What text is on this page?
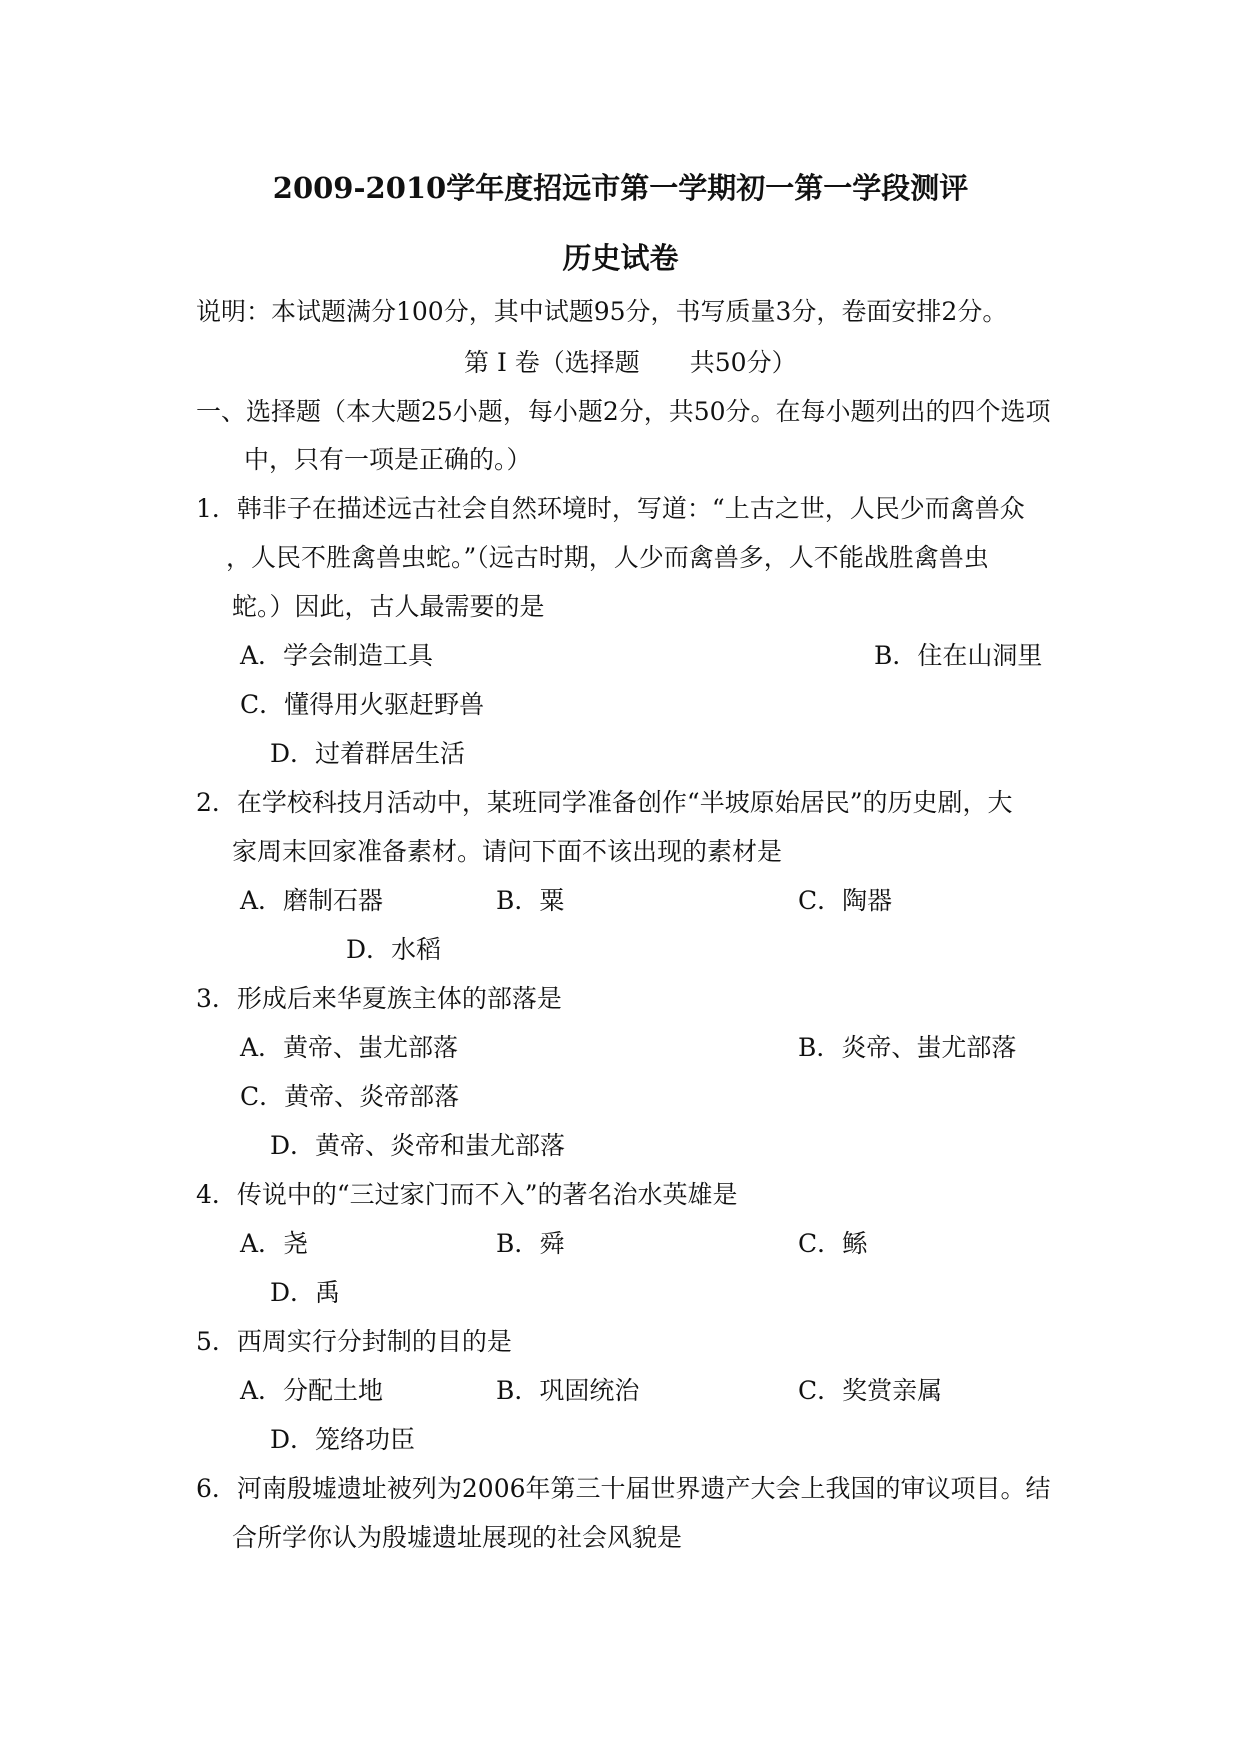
2009-2010学年度招远市第一学期初一第一学段测评
历史试卷
说明：本试题满分100分，其中试题95分，书写质量3分，卷面安排2分。
第 I 卷（选择题　　共50分）
一、选择题（本大题25小题，每小题2分，共50分。在每小题列出的四个选项
中，只有一项是正确的。）
1．韩非子在描述远古社会自然环境时，写道：“上古之世，人民少而禽兽众
，人民不胜禽兽虫蛇。”（远古时期，人少而禽兽多，人不能战胜禽兽虫
蛇。）因此，古人最需要的是
A．学会制造工具	B．住在山洞里
C．懂得用火驱赶野兽
D．过着群居生活
2．在学校科技月活动中，某班同学准备创作“半坡原始居民”的历史剧，大
家周末回家准备素材。请问下面不该出现的素材是
A．磨制石器	B．粟	C．陶器
D．水稻
3．形成后来华夏族主体的部落是
A．黄帝、蚩尤部落	B．炎帝、蚩尤部落
C．黄帝、炎帝部落
D．黄帝、炎帝和蚩尤部落
4．传说中的“三过家门而不入”的著名治水英雄是
A．尧	B．舜	C．鲧
D．禹
5．西周实行分封制的目的是
A．分配土地	B．巩固统治	C．奖赏亲属
D．笼络功臣
6．河南殷墟遗址被列为2006年第三十届世界遗产大会上我国的审议项目。结
合所学你认为殷墟遗址展现的社会风貌是
